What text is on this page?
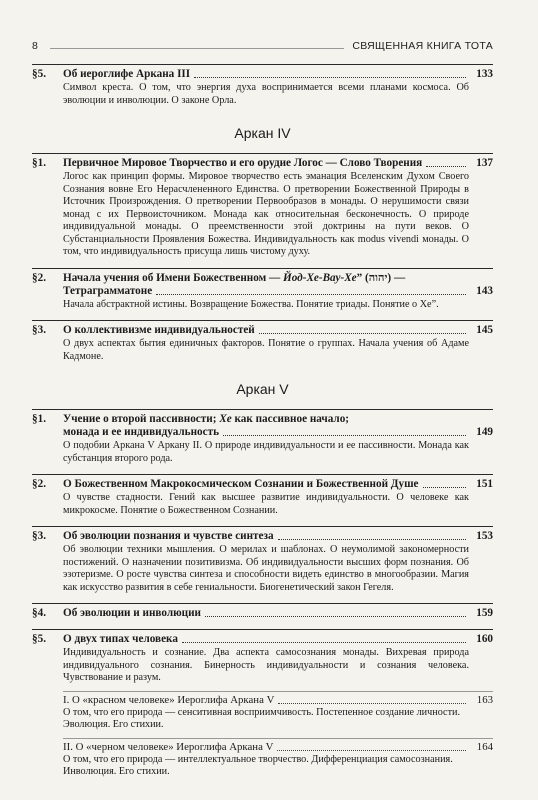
8	СВЯЩЕННАЯ КНИГА ТОТА
§5.	Об иероглифе Аркана III	133
Символ креста. О том, что энергия духа воспринимается всеми планами космоса. Об эволюции и инволюции. О законе Орла.
Аркан IV
§1.	Первичное Мировое Творчество и его орудие Логос — Слово Творения	137
Логос как принцип формы. Мировое творчество есть эманация Вселенским Духом Своего Сознания вовне Его Нерасчлененного Единства. О претворении Божественной Природы в Источник Произрождения. О претворении Первообразов в монады. О нерушимости связи монад с их Первоисточником. Монада как относительная бесконечность. О природе индивидуальной монады. О преемственности этой доктрины на пути веков. О Субстанциальности Проявления Божества. Индивидуальность как modus vivendi монады. О том, что индивидуальность присуща лишь чистому духу.
§2.	Начала учения об Имени Божественном — Йод-Хе-Вау-Хе” (יהוה) —
Тетраграмматоне	143
Начала абстрактной истины. Возвращение Божества. Понятие триады. Понятие о Хе”.
§3.	О коллективизме индивидуальностей	145
О двух аспектах бытия единичных факторов. Понятие о группах. Начала учения об Адаме Кадмоне.
Аркан V
§1.	Учение о второй пассивности; Хе как пассивное начало;
монада и ее индивидуальность	149
О подобии Аркана V Аркану II. О природе индивидуальности и ее пассивности. Монада как субстанция второго рода.
§2.	О Божественном Макрокосмическом Сознании и Божественной Душе	151
О чувстве стадности. Гений как высшее развитие индивидуальности. О человеке как микрокосме. Понятие о Божественном Сознании.
§3.	Об эволюции познания и чувстве синтеза	153
Об эволюции техники мышления. О мерилах и шаблонах. О неумолимой закономерности постижений. О назначении позитивизма. Об индивидуальности высших форм познания. Об эзотеризме. О росте чувства синтеза и способности видеть единство в многообразии. Магия как искусство развития в себе гениальности. Биогенетический закон Гегеля.
§4.	Об эволюции и инволюции	159
§5.	О двух типах человека	160
Индивидуальность и сознание. Два аспекта самосознания монады. Вихревая природа индивидуального сознания. Бинерность индивидуальности и сознания человека. Чувствование и разум.
I. О «красном человеке» Иероглифа Аркана V	163
О том, что его природа — сенситивная восприимчивость. Постепенное создание личности. Эволюция. Его стихии.
II. О «черном человеке» Иероглифа Аркана V	164
О том, что его природа — интеллектуальное творчество. Дифференциация самосознания. Инволюция. Его стихии.
